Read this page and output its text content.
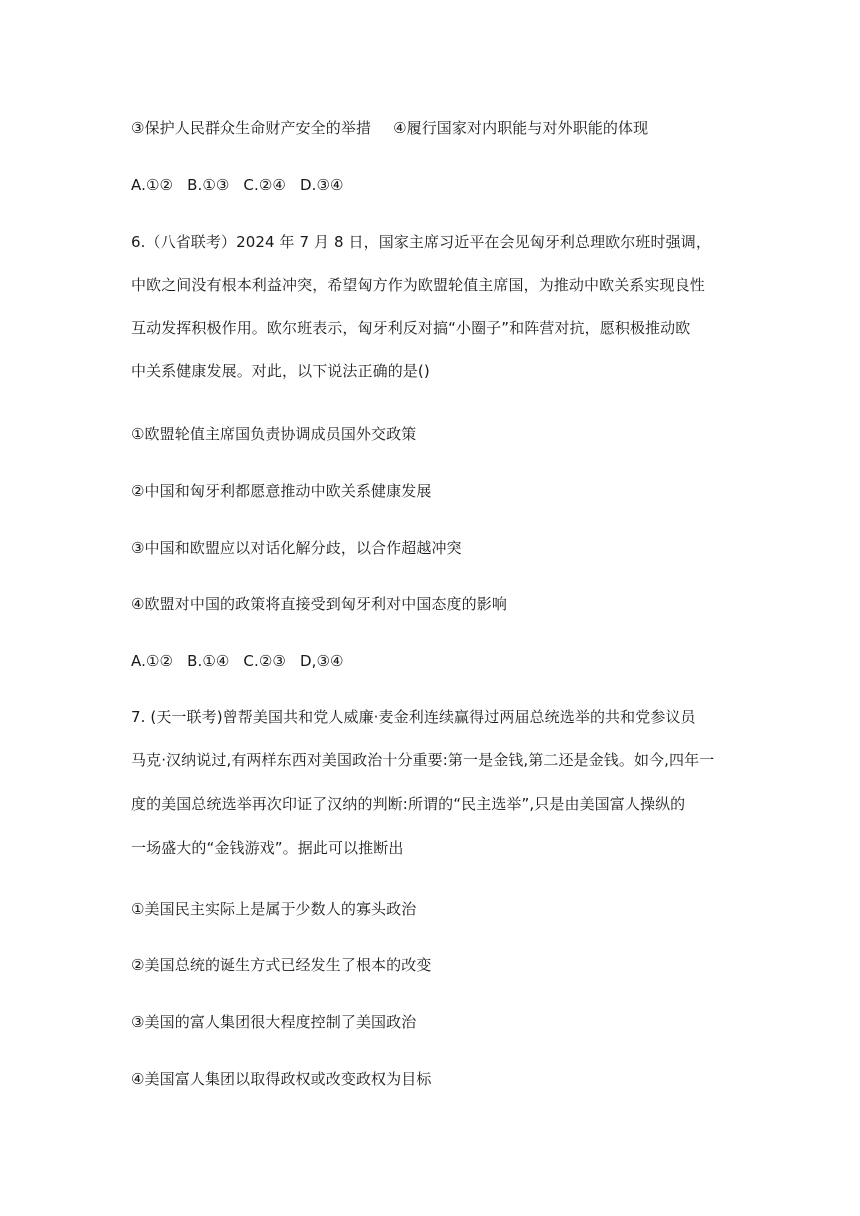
③保护人民群众生命财产安全的举措 ④履行国家对内职能与对外职能的体现
A.①② B.①③ C.②④ D.③④
6.（八省联考）2024 年 7 月 8 日，国家主席习近平在会见匈牙利总理欧尔班时强调，
中欧之间没有根本利益冲突，希望匈方作为欧盟轮值主席国，为推动中欧关系实现良性
互动发挥积极作用。欧尔班表示，匈牙利反对搞“小圈子”和阵营对抗，愿积极推动欧
中关系健康发展。对此，以下说法正确的是()
①欧盟轮值主席国负责协调成员国外交政策
②中国和匈牙利都愿意推动中欧关系健康发展
③中国和欧盟应以对话化解分歧，以合作超越冲突
④欧盟对中国的政策将直接受到匈牙利对中国态度的影响
A.①② B.①④ C.②③ D,③④
7. (天一联考)曾帮美国共和党人威廉·麦金利连续赢得过两届总统选举的共和党参议员
马克·汉纳说过,有两样东西对美国政治十分重要:第一是金钱,第二还是金钱。如今,四年一
度的美国总统选举再次印证了汉纳的判断:所谓的“民主选举”,只是由美国富人操纵的
一场盛大的“金钱游戏”。据此可以推断出
①美国民主实际上是属于少数人的寡头政治
②美国总统的诞生方式已经发生了根本的改变
③美国的富人集团很大程度控制了美国政治
④美国富人集团以取得政权或改变政权为目标
